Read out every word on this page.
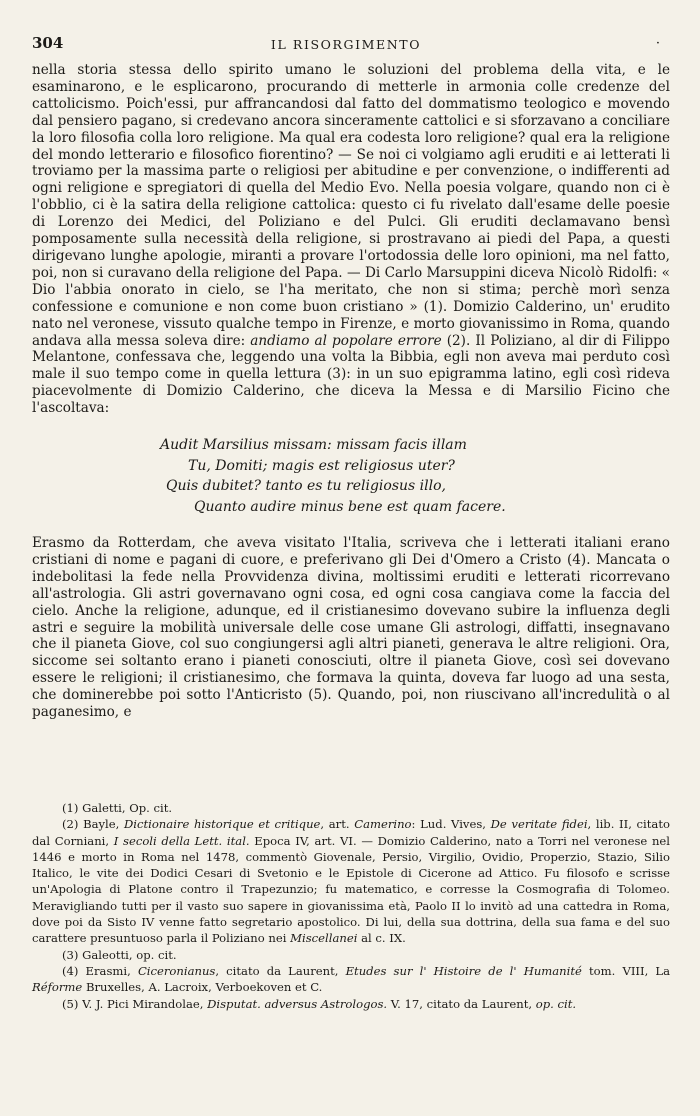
304	IL RISORGIMENTO	·

nella storia stessa dello spirito umano le soluzioni del problema della vita, e le esaminarono, e le esplicarono, procurando di metterle in armonia colle credenze del cattolicismo. Poich'essi, pur affrancandosi dal fatto del dommatismo teologico e movendo dal pensiero pagano, si credevano ancora sinceramente cattolici e si sforzavano a conciliare la loro filosofia colla loro religione. Ma qual era codesta loro religione? qual era la religione del mondo letterario e filosofico fiorentino? — Se noi ci volgiamo agli eruditi e ai letterati li troviamo per la massima parte o religiosi per abitudine e per convenzione, o indifferenti ad ogni religione e spregiatori di quella del Medio Evo. Nella poesia volgare, quando non ci è l'obblio, ci è la satira della religione cattolica: questo ci fu rivelato dall'esame delle poesie di Lorenzo dei Medici, del Poliziano e del Pulci. Gli eruditi declamavano bensì pomposamente sulla necessità della religione, si prostravano ai piedi del Papa, a questi dirigevano lunghe apologie, miranti a provare l'ortodossia delle loro opinioni, ma nel fatto, poi, non si curavano della religione del Papa. — Di Carlo Marsuppini diceva Nicolò Ridolfi: « Dio l'abbia onorato in cielo, se l'ha meritato, che non si stima; perchè morì senza confessione e comunione e non come buon cristiano » (1). Domizio Calderino, un' erudito nato nel veronese, vissuto qualche tempo in Firenze, e morto giovanissimo in Roma, quando andava alla messa soleva dire: andiamo al popolare errore (2). Il Poliziano, al dir di Filippo Melantone, confessava che, leggendo una volta la Bibbia, egli non aveva mai perduto così male il suo tempo come in quella lettura (3): in un suo epigramma latino, egli così rideva piacevolmente di Domizio Calderino, che diceva la Messa e di Marsilio Ficino che l'ascoltava:

Audit Marsilius missam: missam facis illam
Tu, Domiti; magis est religiosus uter?
Quis dubitet? tanto es tu religiosus illo,
Quanto audire minus bene est quam facere.

Erasmo da Rotterdam, che aveva visitato l'Italia, scriveva che i letterati italiani erano cristiani di nome e pagani di cuore, e preferivano gli Dei d'Omero a Cristo (4). Mancata o indebolitasi la fede nella Provvidenza divina, moltissimi eruditi e letterati ricorrevano all'astrologia. Gli astri governavano ogni cosa, ed ogni cosa cangiava come la faccia del cielo. Anche la religione, adunque, ed il cristianesimo dovevano subire la influenza degli astri e seguire la mobilità universale delle cose umane Gli astrologi, diffatti, insegnavano che il pianeta Giove, col suo congiungersi agli altri pianeti, generava le altre religioni. Ora, siccome sei soltanto erano i pianeti conosciuti, oltre il pianeta Giove, così sei dovevano essere le religioni; il cristianesimo, che formava la quinta, doveva far luogo ad una sesta, che dominerebbe poi sotto l'Anticristo (5). Quando, poi, non riuscivano all'incredulità o al paganesimo, e

(1) Galetti, Op. cit.

(2) Bayle, Dictionaire historique et critique, art. Camerino: Lud. Vives, De veritate fidei, lib. II, citato dal Corniani, I secoli della Lett. ital. Epoca IV, art. VI. — Domizio Calderino, nato a Torri nel veronese nel 1446 e morto in Roma nel 1478, commentò Giovenale, Persio, Virgilio, Ovidio, Properzio, Stazio, Silio Italico, le vite dei Dodici Cesari di Svetonio e le Epistole di Cicerone ad Attico. Fu filosofo e scrisse un'Apologia di Platone contro il Trapezunzio; fu matematico, e corresse la Cosmografia di Tolomeo. Meravigliando tutti per il vasto suo sapere in giovanissima età, Paolo II lo invitò ad una cattedra in Roma, dove poi da Sisto IV venne fatto segretario apostolico. Di lui, della sua dottrina, della sua fama e del suo carattere presuntuoso parla il Poliziano nei Miscellanei al c. IX.

(3) Galeotti, op. cit.

(4) Erasmi, Ciceronianus, citato da Laurent, Etudes sur l' Histoire de l' Humanité tom. VIII, La Réforme Bruxelles, A. Lacroix, Verboekoven et C.

(5) V. J. Pici Mirandolae, Disputat. adversus Astrologos. V. 17, citato da Laurent, op. cit.
